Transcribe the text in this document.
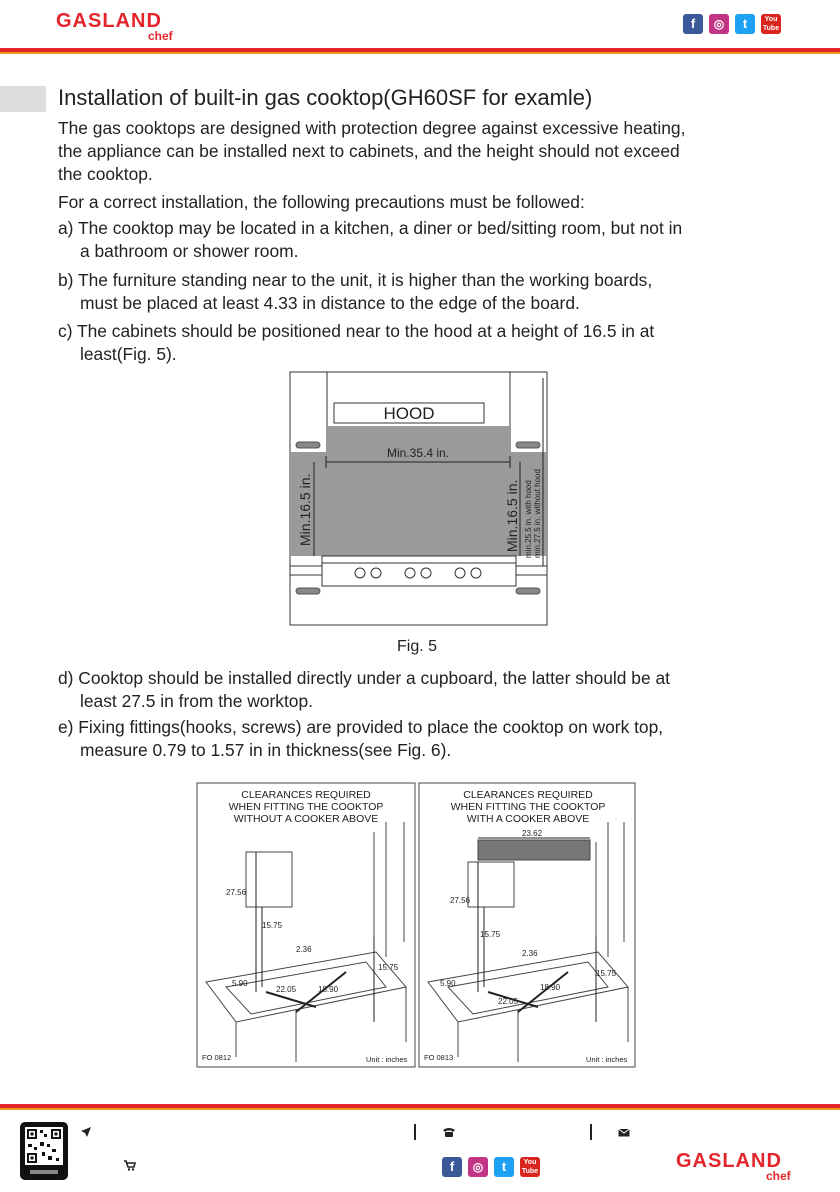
GASLAND
chef
f	◎	t	You Tube
Installation of built-in gas cooktop(GH60SF for examle)
The gas cooktops are designed with protection degree against excessive heating,
the appliance can be installed next to cabinets, and the height should not exceed
the cooktop.
For a correct installation, the following precautions must be followed:
a) The cooktop may be located in a kitchen, a diner or bed/sitting room, but not in
a bathroom or shower room.
b) The furniture standing near to the unit, it is higher than the working boards,
must be placed at least 4.33 in distance to the edge of the board.
c) The cabinets should be positioned near to the hood at a height of 16.5 in at
least(Fig. 5).
HOOD
Min.35.4 in.
Min.16.5 in.	Min.16.5 in. min.25.5 in. with hood min.27.5 in. without hood
Fig. 5
d) Cooktop should be installed directly under a cupboard, the latter should be at
least 27.5 in from the worktop.
e) Fixing fittings(hooks, screws) are provided to place the cooktop on work top,
measure 0.79 to 1.57 in in thickness(see Fig. 6).
CLEARANCES REQUIRED
WHEN FITTING THE COOKTOP
WITHOUT A COOKER ABOVE
27.56
15.75
2.36
15.75
22.05	18.90
5.90
FO 0812	Unit : inches
CLEARANCES REQUIRED
WHEN FITTING THE COOKTOP
WITH A COOKER ABOVE
23.62
27.56
15.75
2.36
15.75
22.05
18.90
5.90
FO 0813	Unit : inches
f	◎	t	You Tube	GASLAND
chef
